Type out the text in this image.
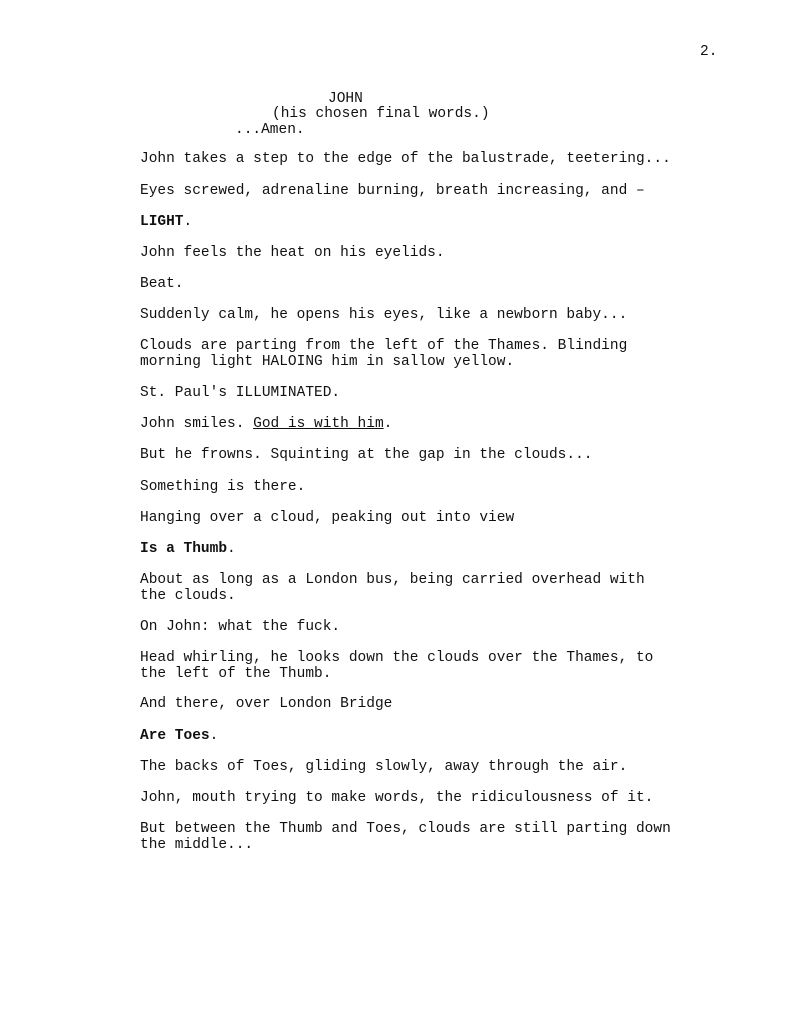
2.
JOHN
(his chosen final words.)
...Amen.
John takes a step to the edge of the balustrade, teetering...
Eyes screwed, adrenaline burning, breath increasing, and –
LIGHT.
John feels the heat on his eyelids.
Beat.
Suddenly calm, he opens his eyes, like a newborn baby...
Clouds are parting from the left of the Thames. Blinding
morning light HALOING him in sallow yellow.
St. Paul's ILLUMINATED.
John smiles. God is with him.
But he frowns. Squinting at the gap in the clouds...
Something is there.
Hanging over a cloud, peaking out into view
Is a Thumb.
About as long as a London bus, being carried overhead with
the clouds.
On John: what the fuck.
Head whirling, he looks down the clouds over the Thames, to
the left of the Thumb.
And there, over London Bridge
Are Toes.
The backs of Toes, gliding slowly, away through the air.
John, mouth trying to make words, the ridiculousness of it.
But between the Thumb and Toes, clouds are still parting down
the middle...
